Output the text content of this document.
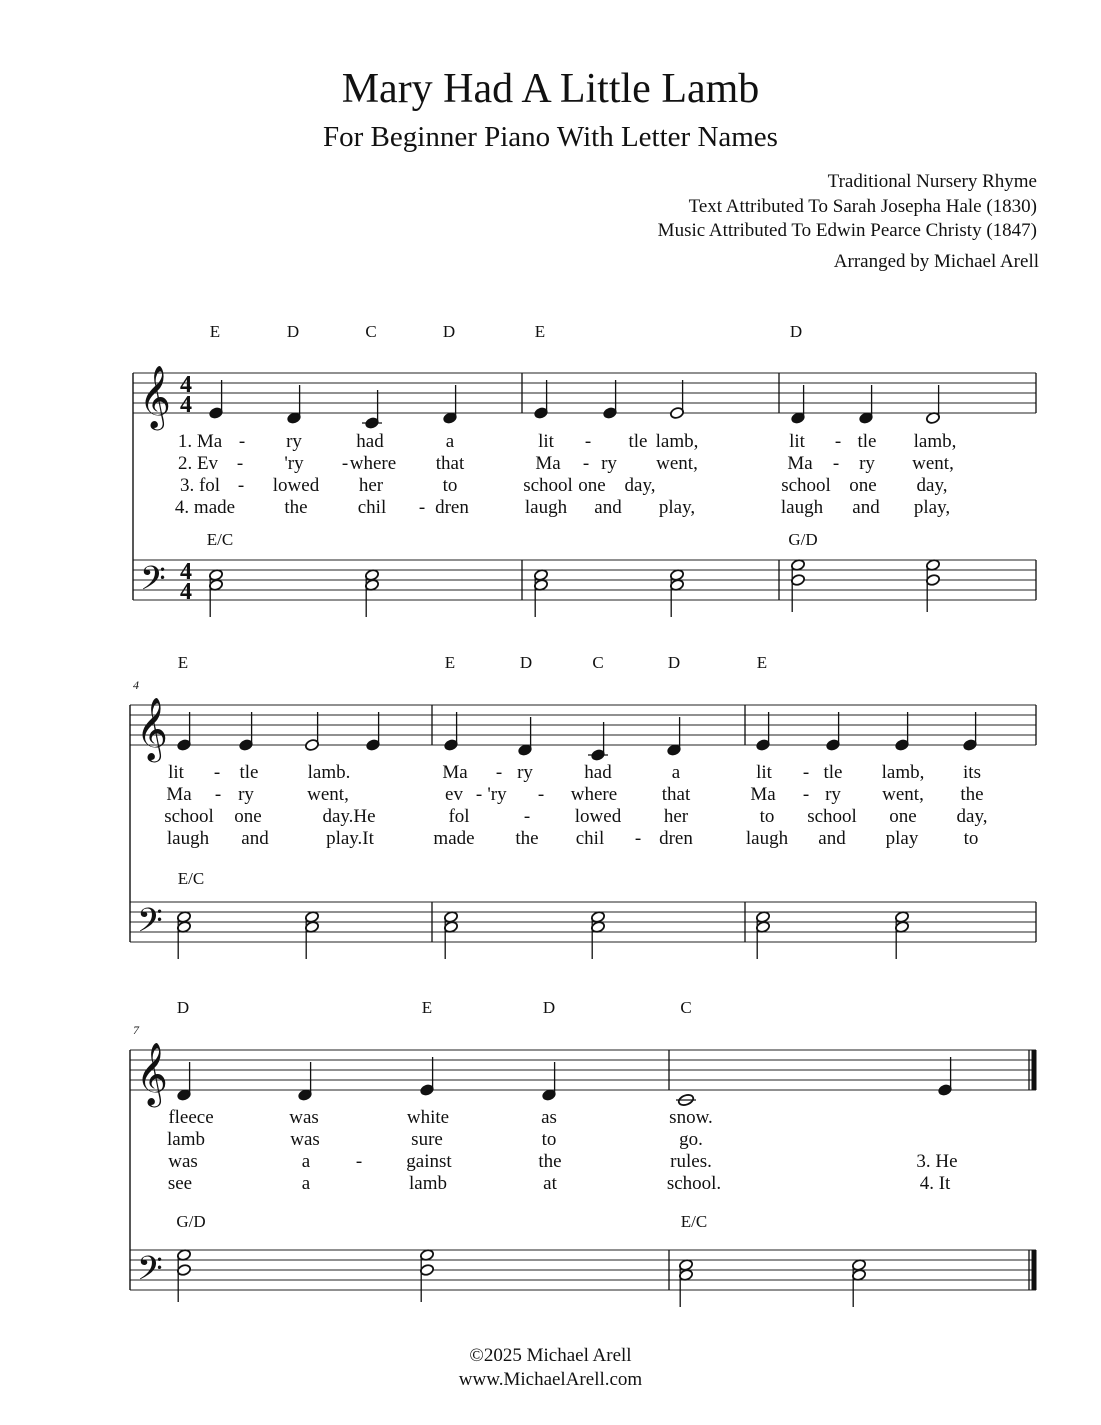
Mary Had A Little Lamb
For Beginner Piano With Letter Names
Traditional Nursery Rhyme
Text Attributed To Sarah Josepha Hale (1830)
Music Attributed To Edwin Pearce Christy (1847)
Arranged by Michael Arell
𝄞
𝄢
4
4
4
4
E	D	C	D	E	D
E/C	G/D
1. Ma - ry	had	a	lit - tle lamb,	lit - tle lamb,
2. Ev - 'ry - where that	Ma - ry went,	Ma - ry went,
3. fol - lowed her	to	school one day,	school one day,
4. made	the	chil - dren	laugh and play,	laugh and play,
𝄞
𝄢
4
E	E	D	C	D	E
E/C
lit - tle	lamb.	Ma - ry	had	a	lit - tle lamb, its
Ma - ry	went,	ev - 'ry - where that	Ma - ry went, the
school one	day.He	fol	- lowed her	to school one day,
laugh and	play.It	made the chil - dren	laugh and play to
𝄞
𝄢
7
D	E	D	C
G/D	E/C
fleece	was	white	as	snow.
lamb	was	sure	to	go.
was	a - gainst	the	rules.	3. He
see	a	lamb	at	school.	4. It
©2025 Michael Arell
www.MichaelArell.com
